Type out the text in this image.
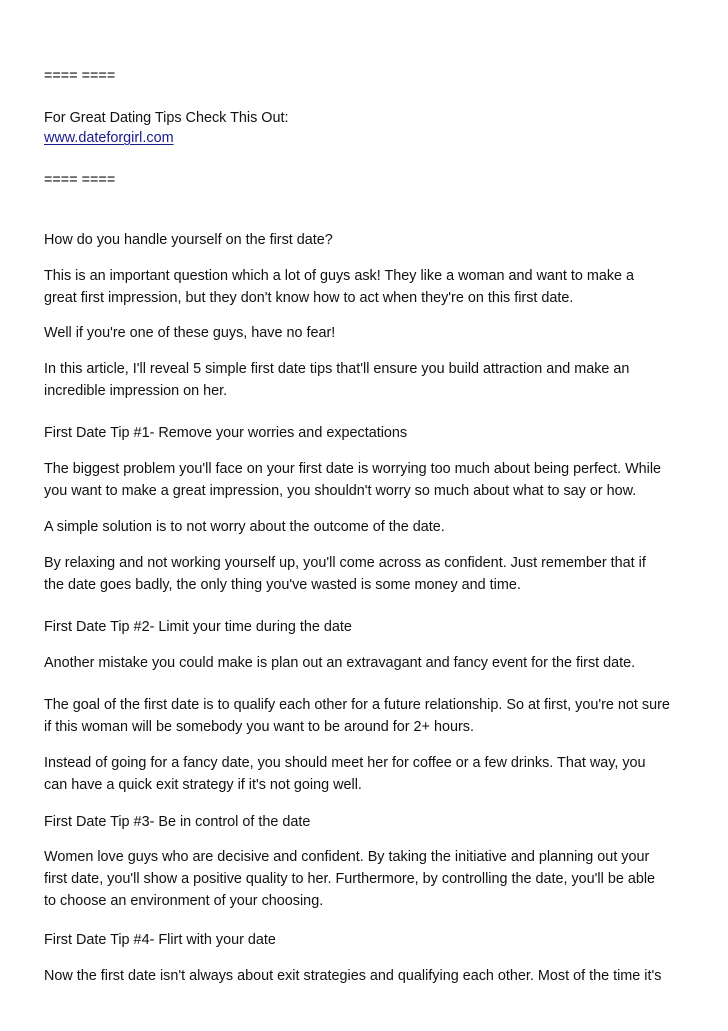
==== ====

For Great Dating Tips Check This Out:

www.dateforgirl.com

==== ====

How do you handle yourself on the first date?

This is an important question which a lot of guys ask! They like a woman and want to make a

great first impression, but they don't know how to act when they're on this first date.

Well if you're one of these guys, have no fear!

In this article, I'll reveal 5 simple first date tips that'll ensure you build attraction and make an

incredible impression on her.

First Date Tip #1- Remove your worries and expectations

The biggest problem you'll face on your first date is worrying too much about being perfect. While

you want to make a great impression, you shouldn't worry so much about what to say or how.

A simple solution is to not worry about the outcome of the date.

By relaxing and not working yourself up, you'll come across as confident. Just remember that if

the date goes badly, the only thing you've wasted is some money and time.

First Date Tip #2- Limit your time during the date

Another mistake you could make is plan out an extravagant and fancy event for the first date.

The goal of the first date is to qualify each other for a future relationship. So at first, you're not sure

if this woman will be somebody you want to be around for 2+ hours.

Instead of going for a fancy date, you should meet her for coffee or a few drinks. That way, you

can have a quick exit strategy if it's not going well.

First Date Tip #3- Be in control of the date

Women love guys who are decisive and confident. By taking the initiative and planning out your

first date, you'll show a positive quality to her. Furthermore, by controlling the date, you'll be able

to choose an environment of your choosing.

First Date Tip #4- Flirt with your date

Now the first date isn't always about exit strategies and qualifying each other. Most of the time it's
